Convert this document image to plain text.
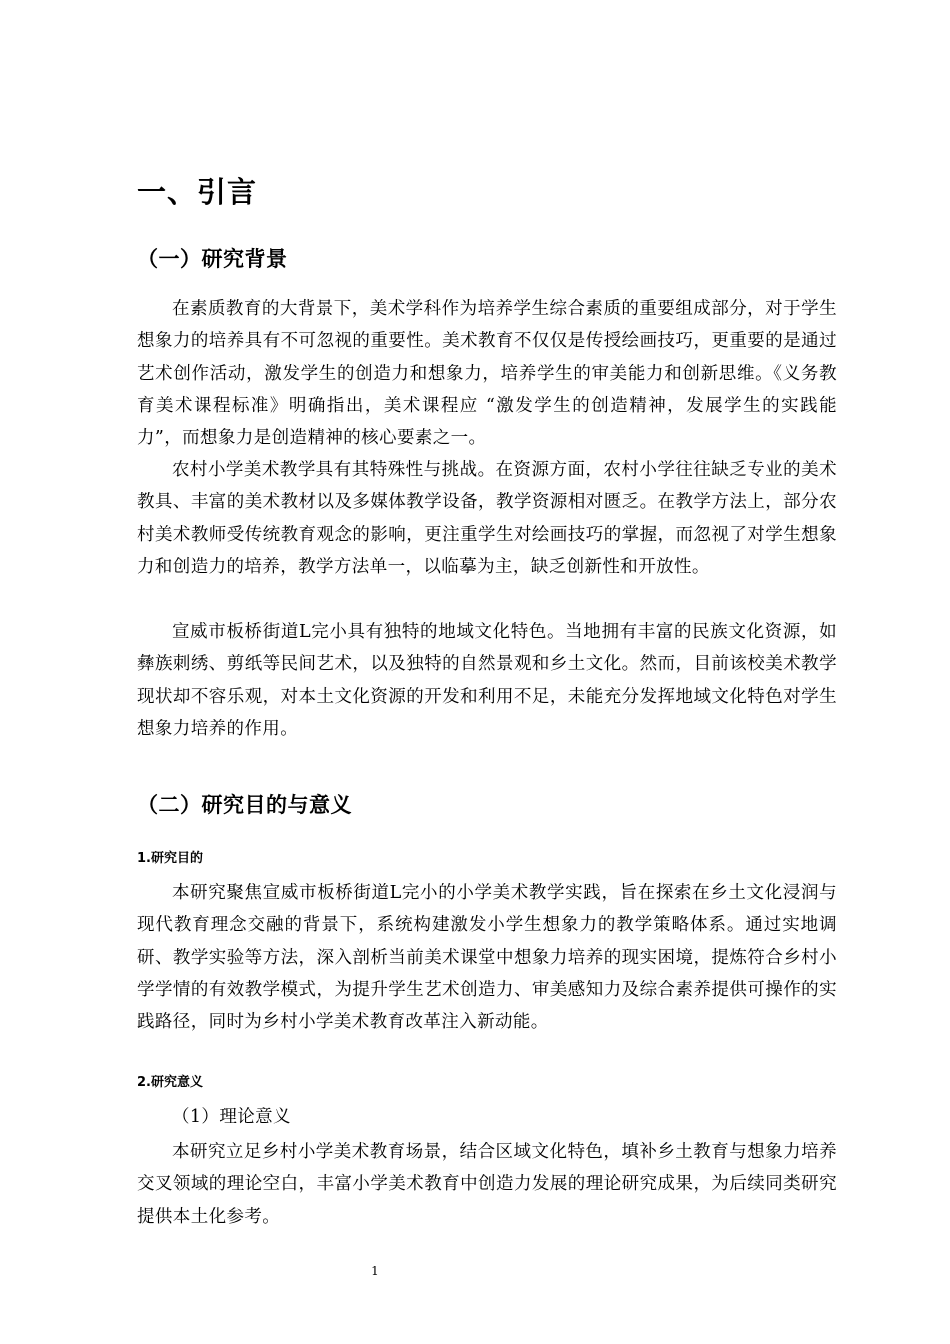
一、引言
（一）研究背景

在素质教育的大背景下，美术学科作为培养学生综合素质的重要组成部分，对于学生想象力的培养具有不可忽视的重要性。美术教育不仅仅是传授绘画技巧，更重要的是通过艺术创作活动，激发学生的创造力和想象力，培养学生的审美能力和创新思维。《义务教育美术课程标准》明确指出，美术课程应 “激发学生的创造精神，发展学生的实践能力”，而想象力是创造精神的核心要素之一。

农村小学美术教学具有其特殊性与挑战。在资源方面，农村小学往往缺乏专业的美术教具、丰富的美术教材以及多媒体教学设备，教学资源相对匮乏。在教学方法上，部分农村美术教师受传统教育观念的影响，更注重学生对绘画技巧的掌握，而忽视了对学生想象力和创造力的培养，教学方法单一，以临摹为主，缺乏创新性和开放性。

宣威市板桥街道L完小具有独特的地域文化特色。当地拥有丰富的民族文化资源，如彝族刺绣、剪纸等民间艺术，以及独特的自然景观和乡土文化。然而，目前该校美术教学现状却不容乐观，对本土文化资源的开发和利用不足，未能充分发挥地域文化特色对学生想象力培养的作用。

（二）研究目的与意义
1.研究目的

本研究聚焦宣威市板桥街道L完小的小学美术教学实践，旨在探索在乡土文化浸润与现代教育理念交融的背景下，系统构建激发小学生想象力的教学策略体系。通过实地调研、教学实验等方法，深入剖析当前美术课堂中想象力培养的现实困境，提炼符合乡村小学学情的有效教学模式，为提升学生艺术创造力、审美感知力及综合素养提供可操作的实践路径，同时为乡村小学美术教育改革注入新动能。

2.研究意义

（1）理论意义

本研究立足乡村小学美术教育场景，结合区域文化特色，填补乡土教育与想象力培养交叉领域的理论空白，丰富小学美术教育中创造力发展的理论研究成果，为后续同类研究提供本土化参考。

1
